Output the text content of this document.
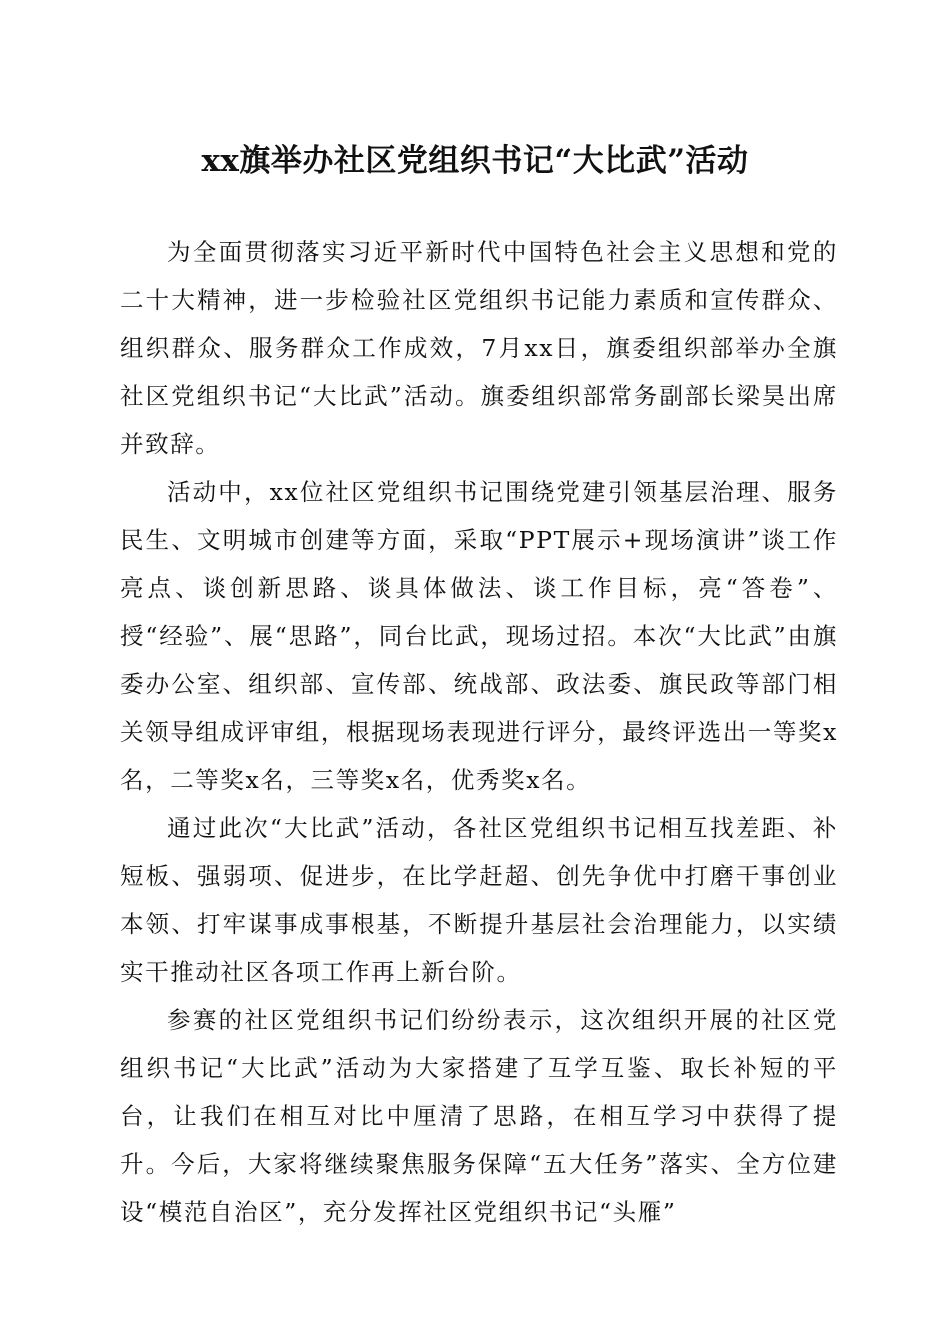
xx旗举办社区党组织书记“大比武”活动

为全面贯彻落实习近平新时代中国特色社会主义思想和党的二十大精神，进一步检验社区党组织书记能力素质和宣传群众、组织群众、服务群众工作成效，7月xx日，旗委组织部举办全旗社区党组织书记“大比武”活动。旗委组织部常务副部长梁昊出席并致辞。

活动中，xx位社区党组织书记围绕党建引领基层治理、服务民生、文明城市创建等方面，采取“PPT展示+现场演讲”谈工作亮点、谈创新思路、谈具体做法、谈工作目标，亮“答卷”、授“经验”、展“思路”，同台比武，现场过招。本次“大比武”由旗委办公室、组织部、宣传部、统战部、政法委、旗民政等部门相关领导组成评审组，根据现场表现进行评分，最终评选出一等奖x名，二等奖x名，三等奖x名，优秀奖x名。

通过此次“大比武”活动，各社区党组织书记相互找差距、补短板、强弱项、促进步，在比学赶超、创先争优中打磨干事创业本领、打牢谋事成事根基，不断提升基层社会治理能力，以实绩实干推动社区各项工作再上新台阶。

参赛的社区党组织书记们纷纷表示，这次组织开展的社区党组织书记“大比武”活动为大家搭建了互学互鉴、取长补短的平台，让我们在相互对比中厘清了思路，在相互学习中获得了提升。今后，大家将继续聚焦服务保障“五大任务”落实、全方位建设“模范自治区”，充分发挥社区党组织书记“头雁”
